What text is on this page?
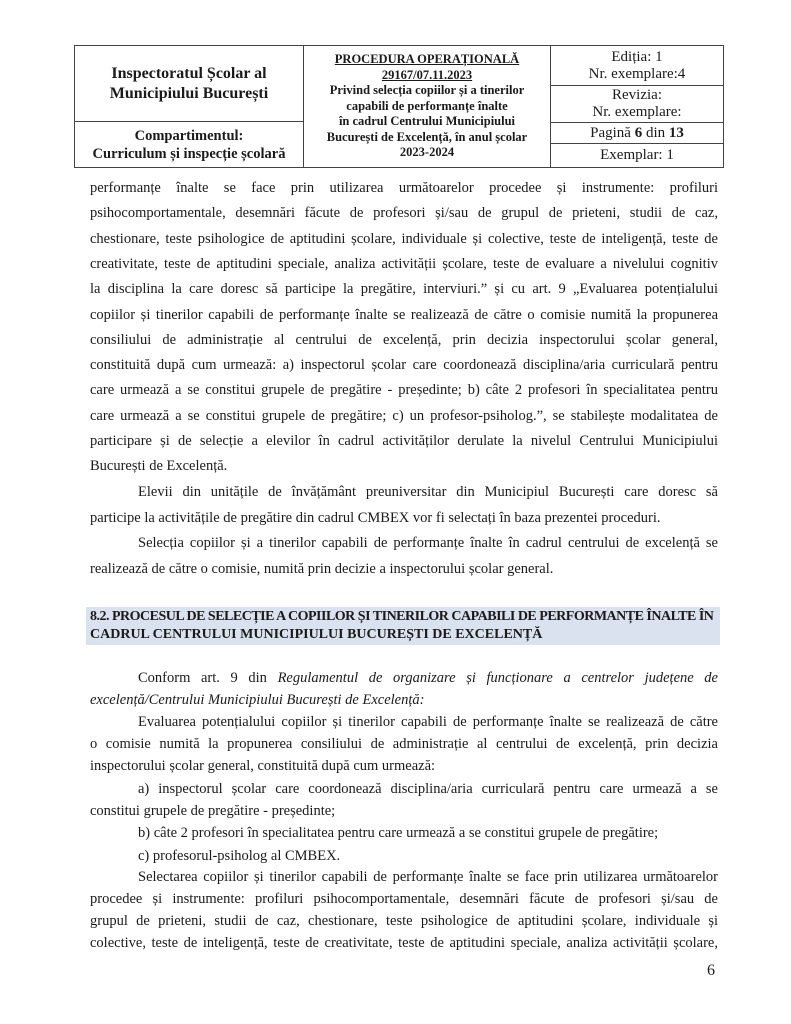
Inspectoratul Școlar al
Municipiului București
Compartimentul:
Curriculum și inspecție școlară
PROCEDURA OPERAȚIONALĂ
29167/07.11.2023
Privind selecția copiilor și a tinerilor
capabili de performanțe înalte
în cadrul Centrului Municipiului
București de Excelență, în anul școlar
2023-2024
Ediția: 1
Nr. exemplare:4
Revizia:
Nr. exemplare:
Pagină 6 din 13
Exemplar: 1
performanțe înalte se face prin utilizarea următoarelor procedee și instrumente: profiluri
psihocomportamentale, desemnări făcute de profesori și/sau de grupul de prieteni, studii de caz,
chestionare, teste psihologice de aptitudini școlare, individuale și colective, teste de inteligență, teste de
creativitate, teste de aptitudini speciale, analiza activității școlare, teste de evaluare a nivelului cognitiv
la disciplina la care doresc să participe la pregătire, interviuri.” și cu art. 9 „Evaluarea potențialului
copiilor și tinerilor capabili de performanțe înalte se realizează de către o comisie numită la propunerea
consiliului de administrație al centrului de excelență, prin decizia inspectorului școlar general,
constituită după cum urmează: a) inspectorul școlar care coordonează disciplina/aria curriculară pentru
care urmează a se constitui grupele de pregătire - președinte; b) câte 2 profesori în specialitatea pentru
care urmează a se constitui grupele de pregătire; c) un profesor-psiholog.”, se stabilește modalitatea de
participare și de selecție a elevilor în cadrul activităților derulate la nivelul Centrului Municipiului
București de Excelență.
Elevii din unitățile de învățământ preuniversitar din Municipiul București care doresc să
participe la activitățile de pregătire din cadrul CMBEX vor fi selectați în baza prezentei proceduri.
Selecția copiilor și a tinerilor capabili de performanțe înalte în cadrul centrului de excelență se
realizează de către o comisie, numită prin decizie a inspectorului școlar general.
Evaluarea potențialului copiilor și tinerilor capabili de performanțe înalte se realizează de către
o comisie numită la propunerea consiliului de administrație al centrului de excelență, prin decizia
inspectorului școlar general, constituită după cum urmează:
a) inspectorul școlar care coordonează disciplina/aria curriculară pentru care urmează a se
constitui grupele de pregătire - președinte;
b) câte 2 profesori în specialitatea pentru care urmează a se constitui grupele de pregătire;
c) profesorul-psiholog al CMBEX.
Selectarea copiilor și tinerilor capabili de performanțe înalte se face prin utilizarea următoarelor
procedee și instrumente: profiluri psihocomportamentale, desemnări făcute de profesori și/sau de
grupul de prieteni, studii de caz, chestionare, teste psihologice de aptitudini școlare, individuale și
colective, teste de inteligență, teste de creativitate, teste de aptitudini speciale, analiza activității școlare,
8.2. PROCESUL DE SELECȚIE A COPIILOR ȘI TINERILOR CAPABILI DE PERFORMANȚE ÎNALTE ÎN
CADRUL CENTRULUI MUNICIPIULUI BUCUREȘTI DE EXCELENȚĂ
Conform art. 9 din Regulamentul de organizare și funcționare a centrelor județene de
excelență/Centrului Municipiului București de Excelență:
6
